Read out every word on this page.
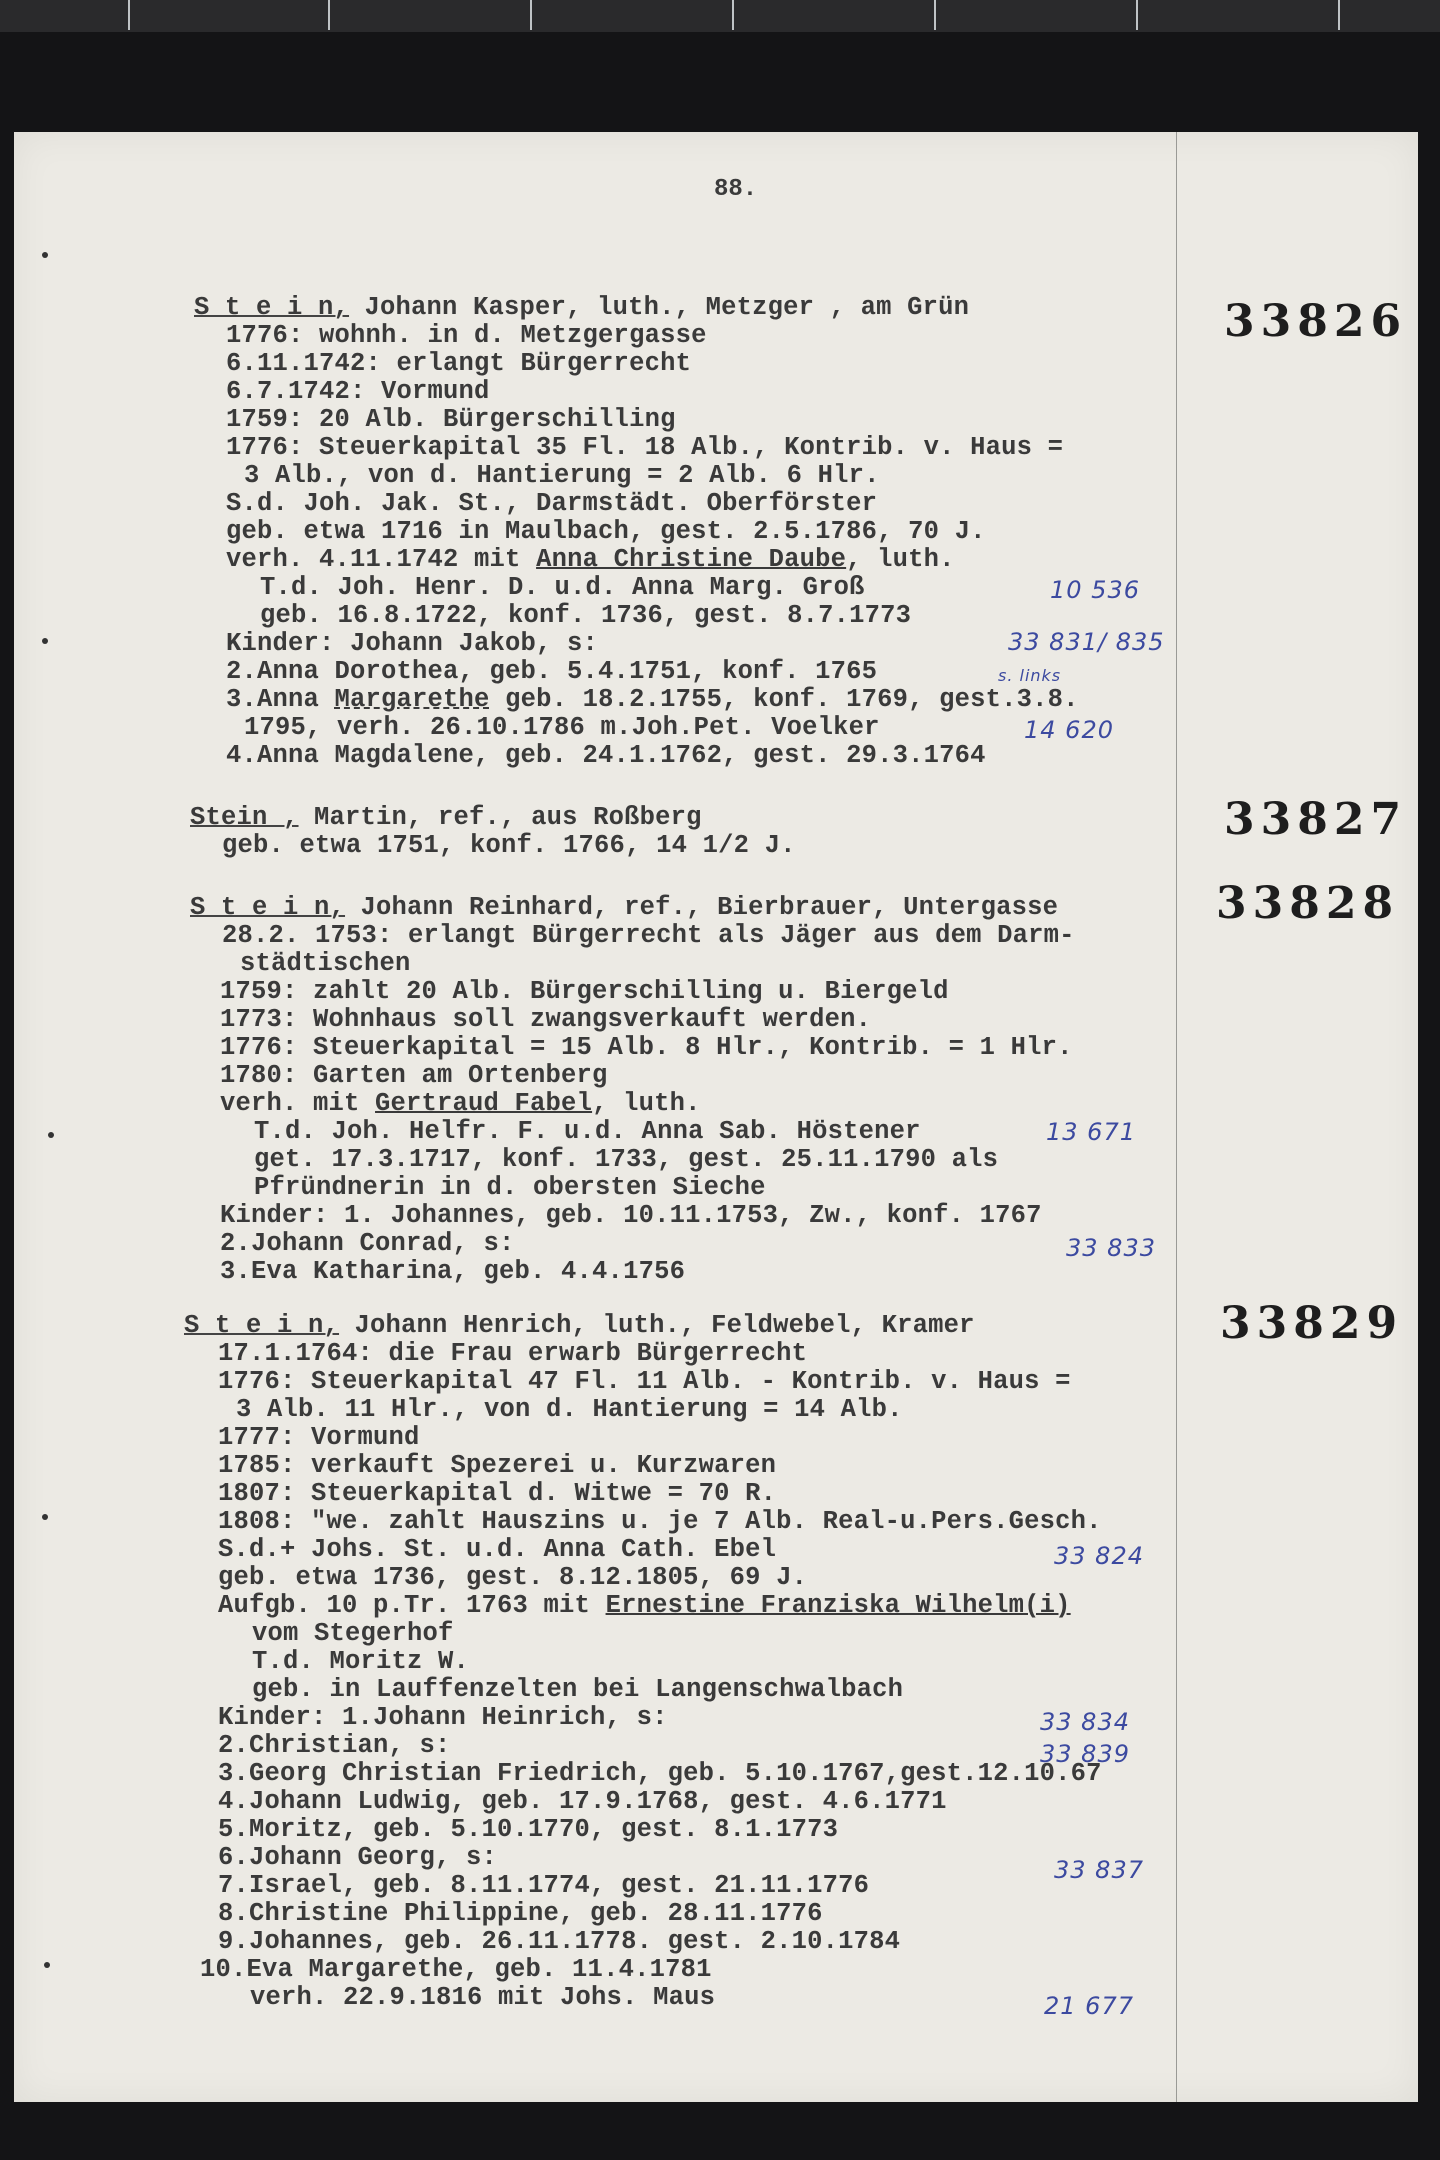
88.
33826
S t e i n, Johann Kasper, luth., Metzger , am Grün
1776: wohnh. in d. Metzgergasse
6.11.1742: erlangt Bürgerrecht
6.7.1742: Vormund
1759: 20 Alb. Bürgerschilling
1776: Steuerkapital 35 Fl. 18 Alb., Kontrib. v. Haus =
3 Alb., von d. Hantierung = 2 Alb. 6 Hlr.
S.d. Joh. Jak. St., Darmstädt. Oberförster
geb. etwa 1716 in Maulbach, gest. 2.5.1786, 70 J.
verh. 4.11.1742 mit Anna Christine Daube, luth.
T.d. Joh. Henr. D. u.d. Anna Marg. Groß
geb. 16.8.1722, konf. 1736, gest. 8.7.1773
Kinder: Johann Jakob, s:
2.Anna Dorothea, geb. 5.4.1751, konf. 1765
3.Anna Margarethe geb. 18.2.1755, konf. 1769, gest.3.8.
1795, verh. 26.10.1786 m.Joh.Pet. Voelker
4.Anna Magdalene, geb. 24.1.1762, gest. 29.3.1764
10 536
33 831/ 835
s. links
14 620
33827
Stein , Martin, ref., aus Roßberg
geb. etwa 1751, konf. 1766, 14 1/2 J.
33828
S t e i n, Johann Reinhard, ref., Bierbrauer, Untergasse
28.2. 1753: erlangt Bürgerrecht als Jäger aus dem Darm-
städtischen
1759: zahlt 20 Alb. Bürgerschilling u. Biergeld
1773: Wohnhaus soll zwangsverkauft werden.
1776: Steuerkapital = 15 Alb. 8 Hlr., Kontrib. = 1 Hlr.
1780: Garten am Ortenberg
verh. mit Gertraud Fabel, luth.
T.d. Joh. Helfr. F. u.d. Anna Sab. Höstener
get. 17.3.1717, konf. 1733, gest. 25.11.1790 als
Pfründnerin in d. obersten Sieche
Kinder: 1. Johannes, geb. 10.11.1753, Zw., konf. 1767
2.Johann Conrad, s:
3.Eva Katharina, geb. 4.4.1756
13 671
33 833
33829
S t e i n, Johann Henrich, luth., Feldwebel, Kramer
17.1.1764: die Frau erwarb Bürgerrecht
1776: Steuerkapital 47 Fl. 11 Alb. - Kontrib. v. Haus =
3 Alb. 11 Hlr., von d. Hantierung = 14 Alb.
1777: Vormund
1785: verkauft Spezerei u. Kurzwaren
1807: Steuerkapital d. Witwe = 70 R.
1808: "we. zahlt Hauszins u. je 7 Alb. Real-u.Pers.Gesch.
S.d.+ Johs. St. u.d. Anna Cath. Ebel
geb. etwa 1736, gest. 8.12.1805, 69 J.
Aufgb. 10 p.Tr. 1763 mit Ernestine Franziska Wilhelm(i)
vom Stegerhof
T.d. Moritz W.
geb. in Lauffenzelten bei Langenschwalbach
Kinder: 1.Johann Heinrich, s:
2.Christian, s:
3.Georg Christian Friedrich, geb. 5.10.1767,gest.12.10.67
4.Johann Ludwig, geb. 17.9.1768, gest. 4.6.1771
5.Moritz, geb. 5.10.1770, gest. 8.1.1773
6.Johann Georg, s:
7.Israel, geb. 8.11.1774, gest. 21.11.1776
8.Christine Philippine, geb. 28.11.1776
9.Johannes, geb. 26.11.1778. gest. 2.10.1784
10.Eva Margarethe, geb. 11.4.1781
verh. 22.9.1816 mit Johs. Maus
33 824
33 834
33 839
33 837
21 677
